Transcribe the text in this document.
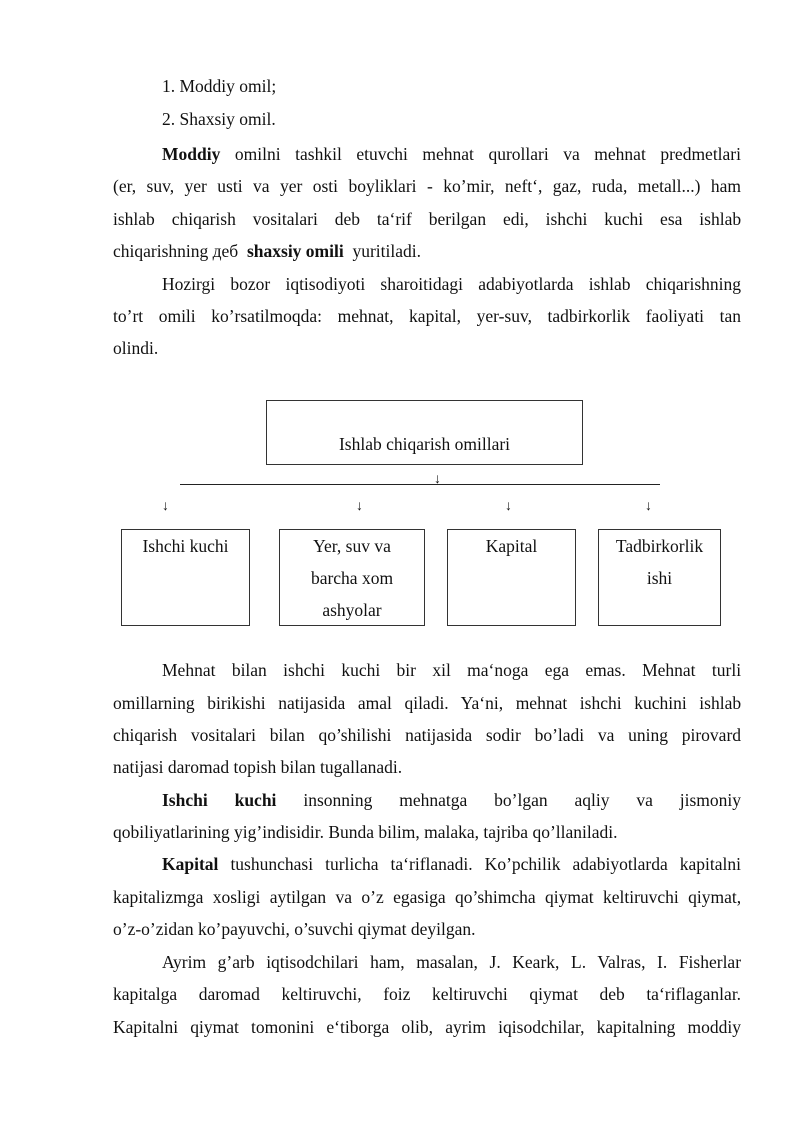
1. Moddiy omil;
2. Shaxsiy omil.
Moddiy omilni tashkil etuvchi mehnat qurollari va mehnat predmetlari
(er, suv, yer usti va yer osti boyliklari - ko’mir, neft‘, gaz, ruda, metall...) ham
ishlab chiqarish vositalari deb ta‘rif berilgan edi, ishchi kuchi esa ishlab
chiqarishning деб shaxsiy omili yuritiladi.
Hozirgi bozor iqtisodiyoti sharoitidagi adabiyotlarda ishlab chiqarishning
to’rt omili ko’rsatilmoqda: mehnat, kapital, yer-suv, tadbirkorlik faoliyati tan
olindi.
Ishlab chiqarish omillari
↓
↓	↓	↓	↓
Ishchi kuchi	Yer, suv va
barcha xom
ashyolar
Kapital	Tadbirkorlik
ishi
Mehnat bilan ishchi kuchi bir xil ma‘noga ega emas. Mehnat turli
omillarning birikishi natijasida amal qiladi. Ya‘ni, mehnat ishchi kuchini ishlab
chiqarish vositalari bilan qo’shilishi natijasida sodir bo’ladi va uning pirovard
natijasi daromad topish bilan tugallanadi.
Ishchi kuchi insonning mehnatga bo’lgan aqliy va jismoniy
qobiliyatlarining yig’indisidir. Bunda bilim, malaka, tajriba qo’llaniladi.
Kapital tushunchasi turlicha ta‘riflanadi. Ko’pchilik adabiyotlarda kapitalni
kapitalizmga xosligi aytilgan va o’z egasiga qo’shimcha qiymat keltiruvchi qiymat,
o’z-o’zidan ko’payuvchi, o’suvchi qiymat deyilgan.
Ayrim g’arb iqtisodchilari ham, masalan, J. Keark, L. Valras, I. Fisherlar
kapitalga daromad keltiruvchi, foiz keltiruvchi qiymat deb ta‘riflaganlar.
Kapitalni qiymat tomonini e‘tiborga olib, ayrim iqisodchilar, kapitalning moddiy
